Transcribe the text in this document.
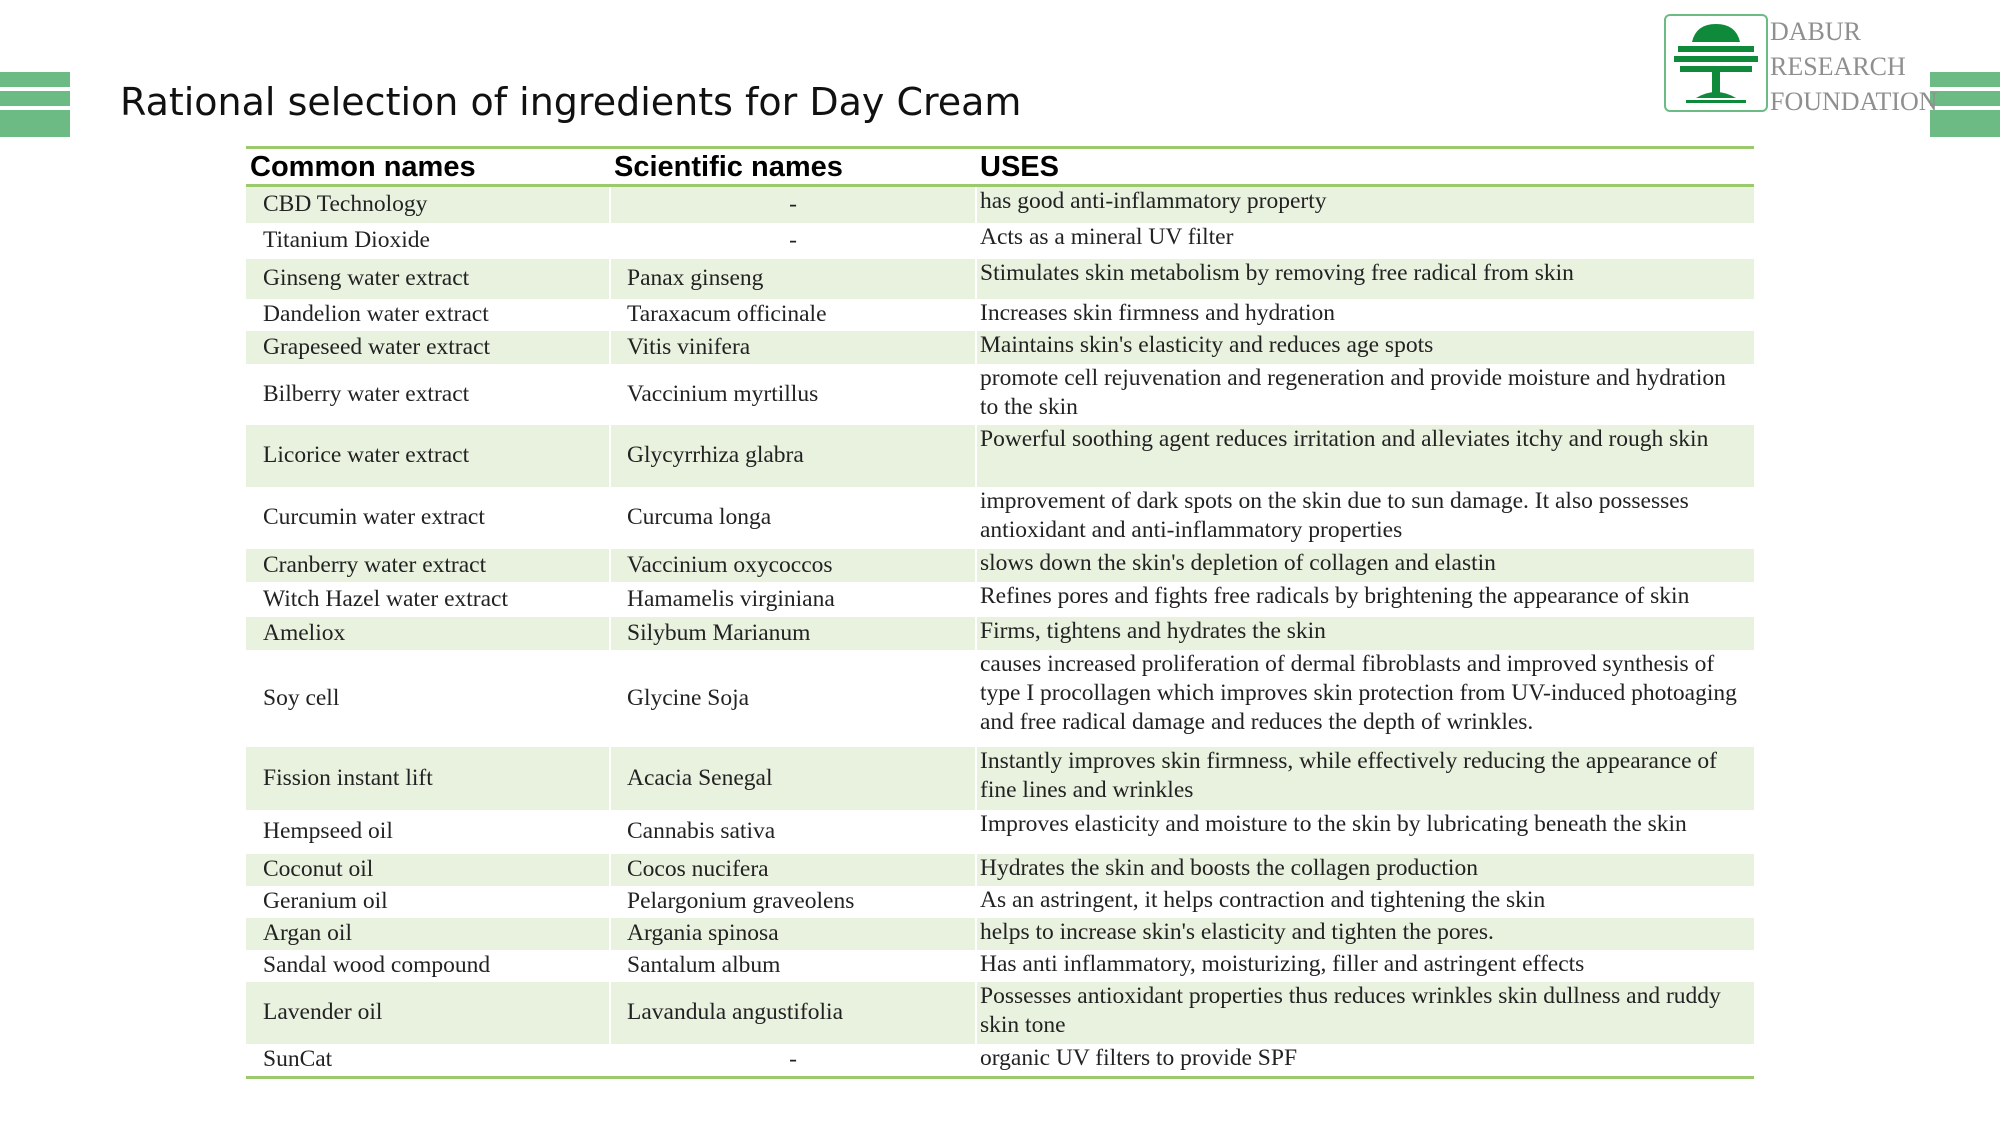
Rational selection of ingredients for Day Cream
DABUR
RESEARCH
FOUNDATION
Common names	Scientific names	USES
CBD Technology	-	has good anti-inflammatory property
Titanium Dioxide	-	Acts as a mineral UV filter
Ginseng water extract	Panax ginseng	Stimulates skin metabolism by removing free radical from skin
Dandelion water extract	Taraxacum officinale	Increases skin firmness and hydration
Grapeseed water extract	Vitis vinifera	Maintains skin's elasticity and reduces age spots
Bilberry water extract	Vaccinium myrtillus	promote cell rejuvenation and regeneration and provide moisture and hydration to the skin
Licorice water extract	Glycyrrhiza glabra	Powerful soothing agent reduces irritation and alleviates itchy and rough skin
Curcumin water extract	Curcuma longa	improvement of dark spots on the skin due to sun damage. It also possesses antioxidant and anti-inflammatory properties
Cranberry water extract	Vaccinium oxycoccos	slows down the skin's depletion of collagen and elastin
Witch Hazel water extract	Hamamelis virginiana	Refines pores and fights free radicals by brightening the appearance of skin
Ameliox	Silybum Marianum	Firms, tightens and hydrates the skin
Soy cell	Glycine Soja	causes increased proliferation of dermal fibroblasts and improved synthesis of type I procollagen which improves skin protection from UV-induced photoaging and free radical damage and reduces the depth of wrinkles.
Fission instant lift	Acacia Senegal	Instantly improves skin firmness, while effectively reducing the appearance of fine lines and wrinkles
Hempseed oil	Cannabis sativa	Improves elasticity and moisture to the skin by lubricating beneath the skin
Coconut oil	Cocos nucifera	Hydrates the skin and boosts the collagen production
Geranium oil	Pelargonium graveolens	As an astringent, it helps contraction and tightening the skin
Argan oil	Argania spinosa	helps to increase skin's elasticity and tighten the pores.
Sandal wood compound	Santalum album	Has anti inflammatory, moisturizing, filler and astringent effects
Lavender oil	Lavandula angustifolia	Possesses antioxidant properties thus reduces wrinkles skin dullness and ruddy skin tone
SunCat	-	organic UV filters to provide SPF
